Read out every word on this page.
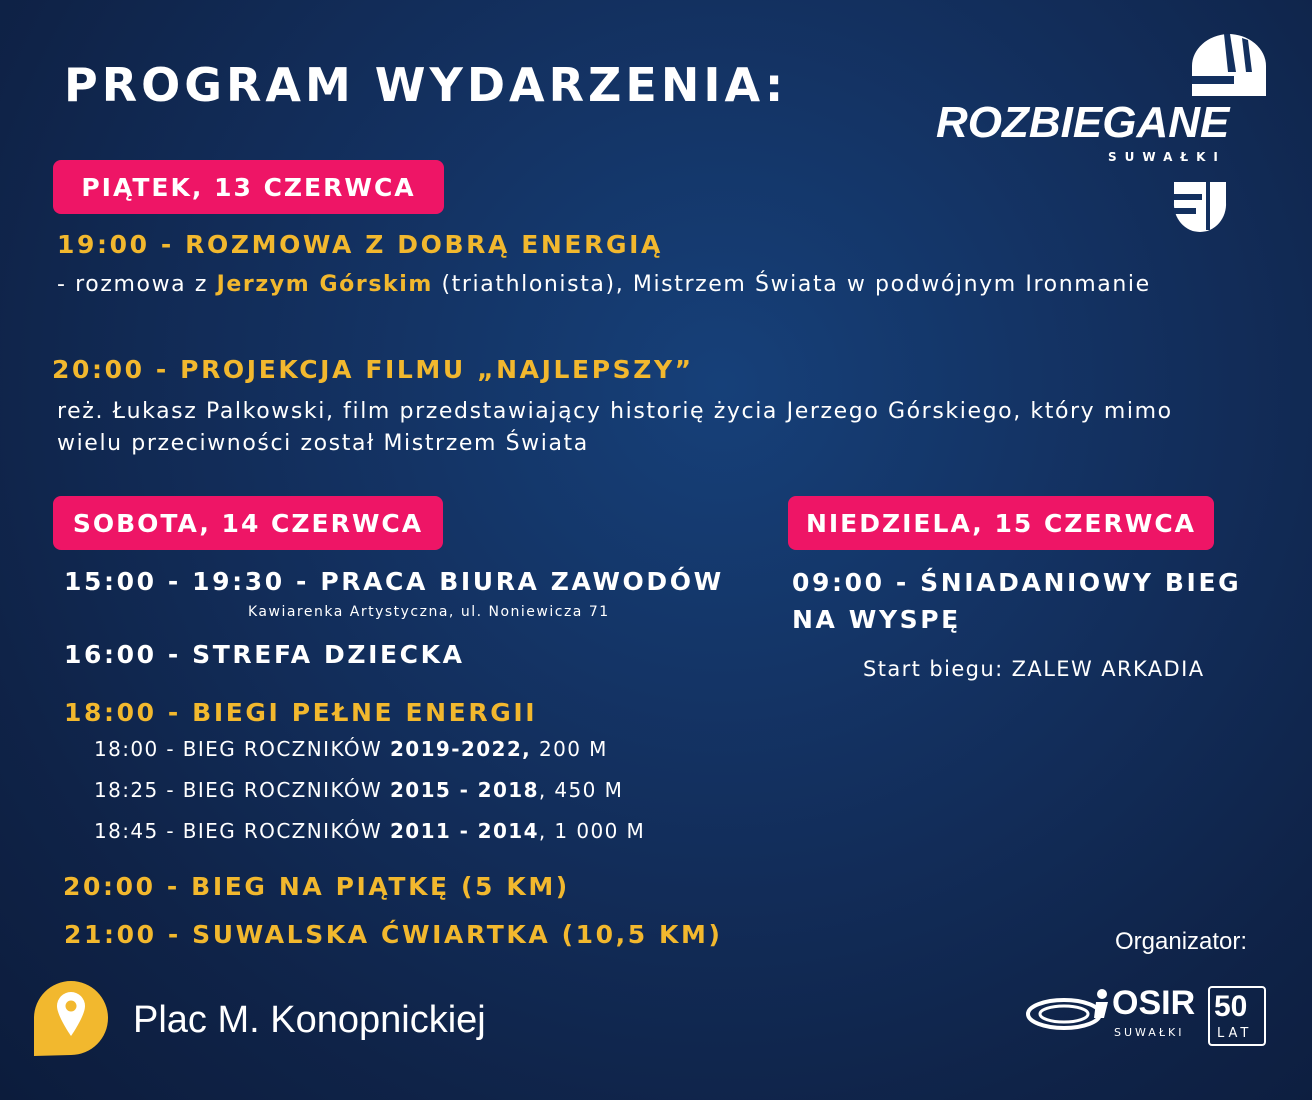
PROGRAM WYDARZENIA:
ROZBIEGANE
SUWAŁKI
PIĄTEK, 13 CZERWCA
19:00 - ROZMOWA Z DOBRĄ ENERGIĄ
- rozmowa z Jerzym Górskim (triathlonista), Mistrzem Świata w podwójnym Ironmanie
20:00 - PROJEKCJA FILMU „NAJLEPSZY”
reż. Łukasz Palkowski, film przedstawiający historię życia Jerzego Górskiego, który mimo wielu przeciwności został Mistrzem Świata
SOBOTA, 14 CZERWCA
15:00 - 19:30 - PRACA BIURA ZAWODÓW
Kawiarenka Artystyczna, ul. Noniewicza 71
16:00 - STREFA DZIECKA
18:00 - BIEGI PEŁNE ENERGII
18:00 - BIEG ROCZNIKÓW 2019-2022, 200 M
18:25 - BIEG ROCZNIKÓW 2015 - 2018, 450 M
18:45 - BIEG ROCZNIKÓW 2011 - 2014, 1 000 M
20:00 - BIEG NA PIĄTKĘ (5 KM)
21:00 - SUWALSKA ĆWIARTKA (10,5 KM)
NIEDZIELA, 15 CZERWCA
09:00 - ŚNIADANIOWY BIEG
NA WYSPĘ
Start biegu: ZALEW ARKADIA
Plac M. Konopnickiej
Organizator:
OSIR
SUWAŁKI
50
LAT
